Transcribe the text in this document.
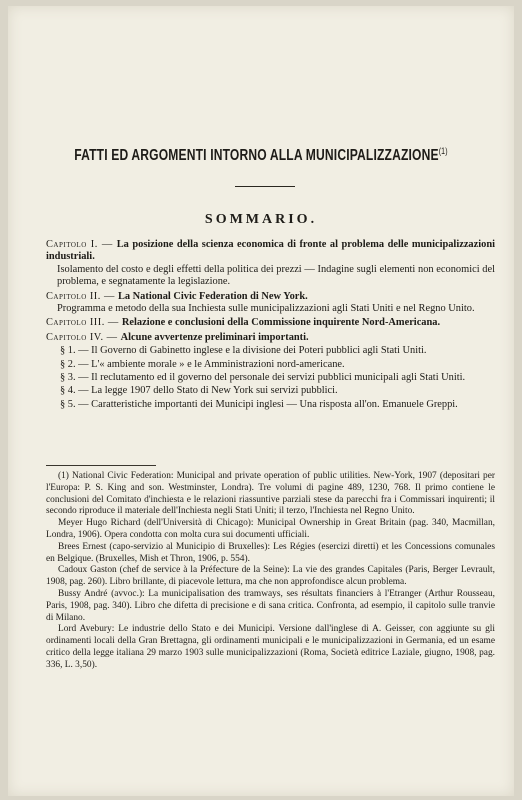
FATTI ED ARGOMENTI INTORNO ALLA MUNICIPALIZZAZIONE$^{(1)}$
SOMMARIO.
Capitolo I. — La posizione della scienza economica di fronte al problema delle municipalizzazioni industriali.
Isolamento del costo e degli effetti della politica dei prezzi — Indagine sugli elementi non economici del problema, e segnatamente la legislazione.
Capitolo II. — La National Civic Federation di New York.
Programma e metodo della sua Inchiesta sulle municipalizzazioni agli Stati Uniti e nel Regno Unito.
Capitolo III. — Relazione e conclusioni della Commissione inquirente Nord-Americana.
Capitolo IV. — Alcune avvertenze preliminari importanti.
§ 1. — Il Governo di Gabinetto inglese e la divisione dei Poteri pubblici agli Stati Uniti.
§ 2. — L'« ambiente morale » e le Amministrazioni nord-americane.
§ 3. — Il reclutamento ed il governo del personale dei servizi pubblici municipali agli Stati Uniti.
§ 4. — La legge 1907 dello Stato di New York sui servizi pubblici.
§ 5. — Caratteristiche importanti dei Municipi inglesi — Una risposta all'on. Emanuele Greppi.

(1) National Civic Federation: Municipal and private operation of public utilities. New-York, 1907 (depositari per l'Europa: P. S. King and son. Westminster, Londra). Tre volumi di pagine 489, 1230, 768. Il primo contiene le conclusioni del Comitato d'inchiesta e le relazioni riassuntive parziali stese da parecchi fra i Commissari inquirenti; il secondo riproduce il materiale dell'Inchiesta negli Stati Uniti; il terzo, l'Inchiesta nel Regno Unito.

Meyer Hugo Richard (dell'Università di Chicago): Municipal Ownership in Great Britain (pag. 340, Macmillan, Londra, 1906). Opera condotta con molta cura sui documenti ufficiali.

Brees Ernest (capo-servizio al Municipio di Bruxelles): Les Régies (esercizi diretti) et les Concessions comunales en Belgique. (Bruxelles, Mish et Thron, 1906, p. 554).

Cadoux Gaston (chef de service à la Préfecture de la Seine): La vie des grandes Capitales (Paris, Berger Levrault, 1908, pag. 260). Libro brillante, di piacevole lettura, ma che non approfondisce alcun problema.

Bussy André (avvoc.): La municipalisation des tramways, ses résultats financiers à l'Etranger (Arthur Rousseau, Paris, 1908, pag. 340). Libro che difetta di precisione e di sana critica. Confronta, ad esempio, il capitolo sulle tranvie di Milano.

Lord Avebury: Le industrie dello Stato e dei Municipi. Versione dall'inglese di A. Geisser, con aggiunte su gli ordinamenti locali della Gran Brettagna, gli ordinamenti municipali e le municipalizzazioni in Germania, ed un esame critico della legge italiana 29 marzo 1903 sulle municipalizzazioni (Roma, Società editrice Laziale, giugno, 1908, pag. 336, L. 3,50).
